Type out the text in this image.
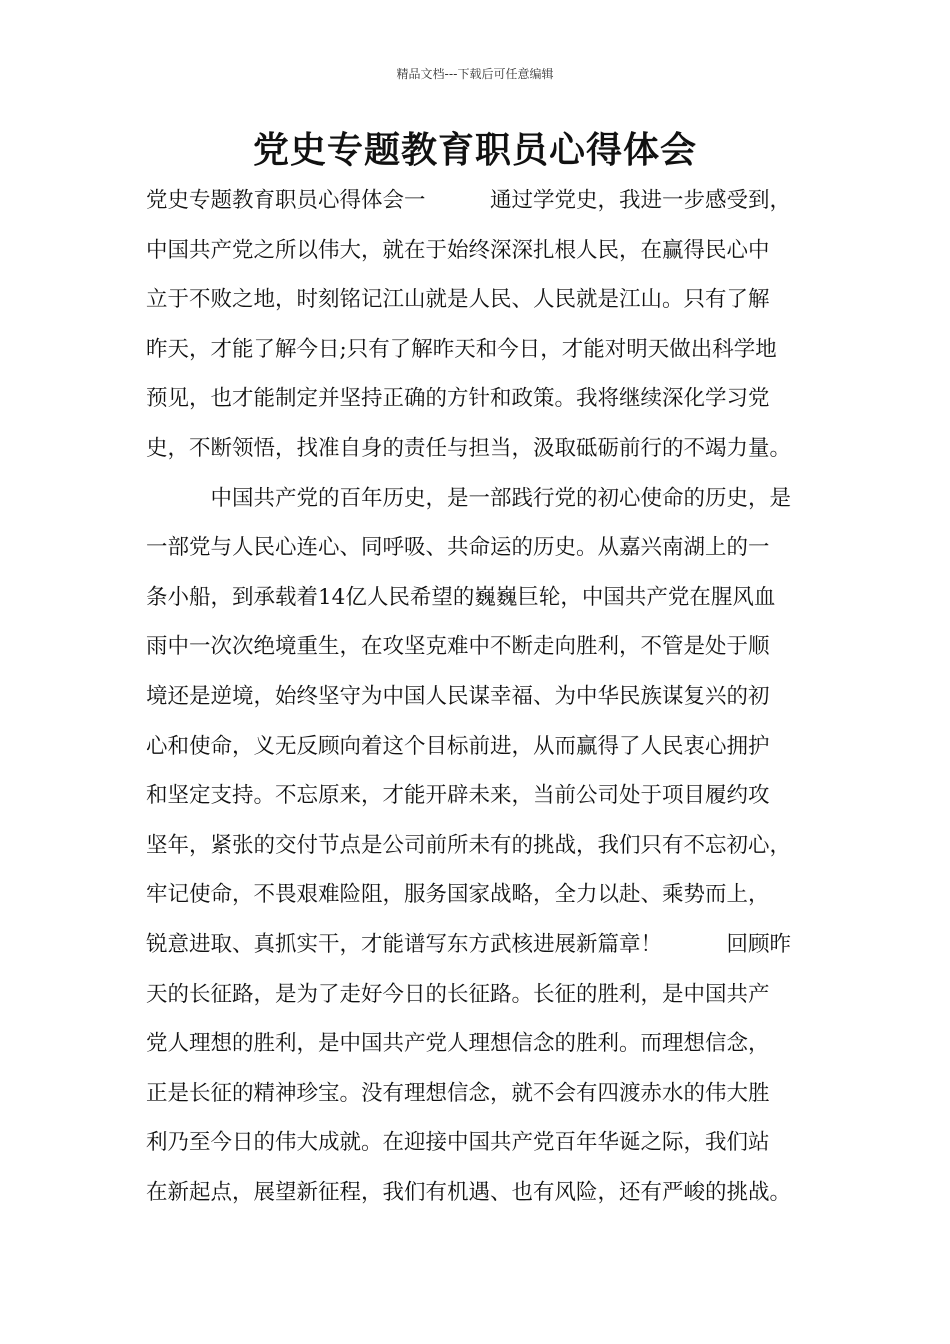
精品文档---下载后可任意编辑
党史专题教育职员心得体会
党史专题教育职员心得体会一　　　通过学党史，我进一步感受到，
中国共产党之所以伟大，就在于始终深深扎根人民，在赢得民心中
立于不败之地，时刻铭记江山就是人民、人民就是江山。只有了解
昨天，才能了解今日;只有了解昨天和今日，才能对明天做出科学地
预见，也才能制定并坚持正确的方针和政策。我将继续深化学习党
史，不断领悟，找准自身的责任与担当，汲取砥砺前行的不竭力量。
　　　中国共产党的百年历史，是一部践行党的初心使命的历史，是
一部党与人民心连心、同呼吸、共命运的历史。从嘉兴南湖上的一
条小船，到承载着14亿人民希望的巍巍巨轮，中国共产党在腥风血
雨中一次次绝境重生，在攻坚克难中不断走向胜利，不管是处于顺
境还是逆境，始终坚守为中国人民谋幸福、为中华民族谋复兴的初
心和使命，义无反顾向着这个目标前进，从而赢得了人民衷心拥护
和坚定支持。不忘原来，才能开辟未来，当前公司处于项目履约攻
坚年，紧张的交付节点是公司前所未有的挑战，我们只有不忘初心，
牢记使命，不畏艰难险阻，服务国家战略，全力以赴、乘势而上，
锐意进取、真抓实干，才能谱写东方武核进展新篇章！　　　回顾昨
天的长征路，是为了走好今日的长征路。长征的胜利，是中国共产
党人理想的胜利，是中国共产党人理想信念的胜利。而理想信念，
正是长征的精神珍宝。没有理想信念，就不会有四渡赤水的伟大胜
利乃至今日的伟大成就。在迎接中国共产党百年华诞之际，我们站
在新起点，展望新征程，我们有机遇、也有风险，还有严峻的挑战。
